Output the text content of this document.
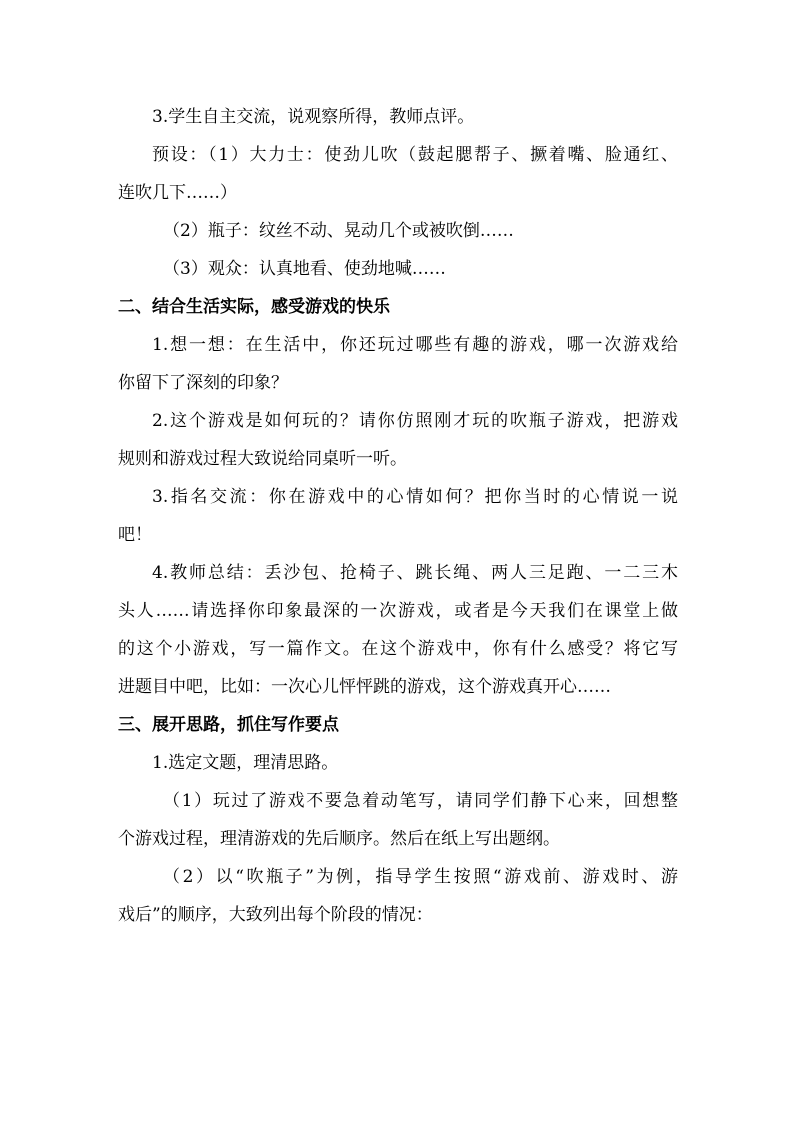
3.学生自主交流，说观察所得，教师点评。
预设：（1）大力士：使劲儿吹（鼓起腮帮子、撅着嘴、脸通红、
连吹几下……）
（2）瓶子：纹丝不动、晃动几个或被吹倒……
（3）观众：认真地看、使劲地喊……
二、结合生活实际，感受游戏的快乐
1.想一想：在生活中，你还玩过哪些有趣的游戏，哪一次游戏给
你留下了深刻的印象？
2.这个游戏是如何玩的？请你仿照刚才玩的吹瓶子游戏，把游戏
规则和游戏过程大致说给同桌听一听。
3.指名交流：你在游戏中的心情如何？把你当时的心情说一说
吧！
4.教师总结：丢沙包、抢椅子、跳长绳、两人三足跑、一二三木
头人……请选择你印象最深的一次游戏，或者是今天我们在课堂上做
的这个小游戏，写一篇作文。在这个游戏中，你有什么感受？将它写
进题目中吧，比如：一次心儿怦怦跳的游戏，这个游戏真开心……
三、展开思路，抓住写作要点
1.选定文题，理清思路。
（1）玩过了游戏不要急着动笔写，请同学们静下心来，回想整
个游戏过程，理清游戏的先后顺序。然后在纸上写出题纲。
（2）以“吹瓶子”为例，指导学生按照“游戏前、游戏时、游
戏后”的顺序，大致列出每个阶段的情况：
